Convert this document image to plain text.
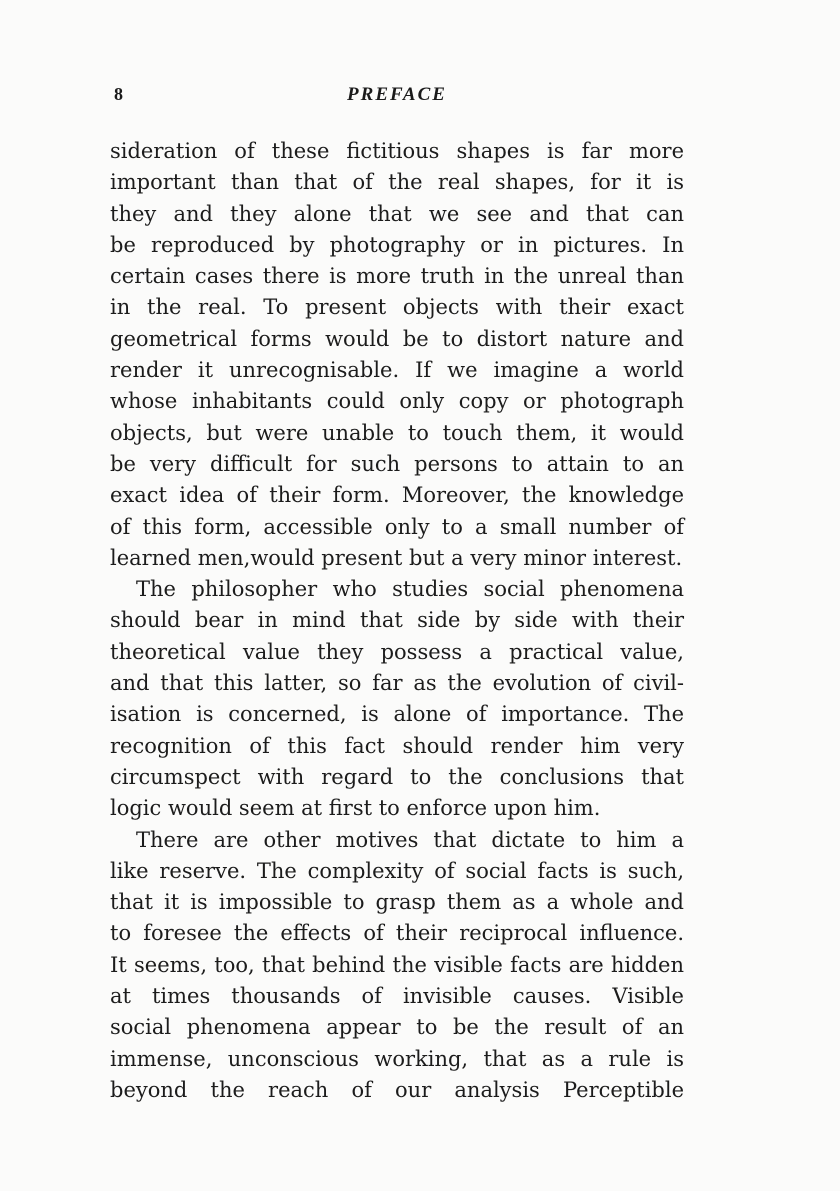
8	PREFACE
sideration of these fictitious shapes is far more
important than that of the real shapes, for it is
they and they alone that we see and that can
be reproduced by photography or in pictures. In
certain cases there is more truth in the unreal than
in the real. To present objects with their exact
geometrical forms would be to distort nature and
render it unrecognisable. If we imagine a world
whose inhabitants could only copy or photograph
objects, but were unable to touch them, it would
be very difficult for such persons to attain to an
exact idea of their form. Moreover, the knowledge
of this form, accessible only to a small number of
learned men,would present but a very minor interest.
The philosopher who studies social phenomena
should bear in mind that side by side with their
theoretical value they possess a practical value,
and that this latter, so far as the evolution of civil-
isation is concerned, is alone of importance. The
recognition of this fact should render him very
circumspect with regard to the conclusions that
logic would seem at first to enforce upon him.
There are other motives that dictate to him a
like reserve. The complexity of social facts is such,
that it is impossible to grasp them as a whole and
to foresee the effects of their reciprocal influence.
It seems, too, that behind the visible facts are hidden
at times thousands of invisible causes. Visible
social phenomena appear to be the result of an
immense, unconscious working, that as a rule is
beyond the reach of our analysis Perceptible
